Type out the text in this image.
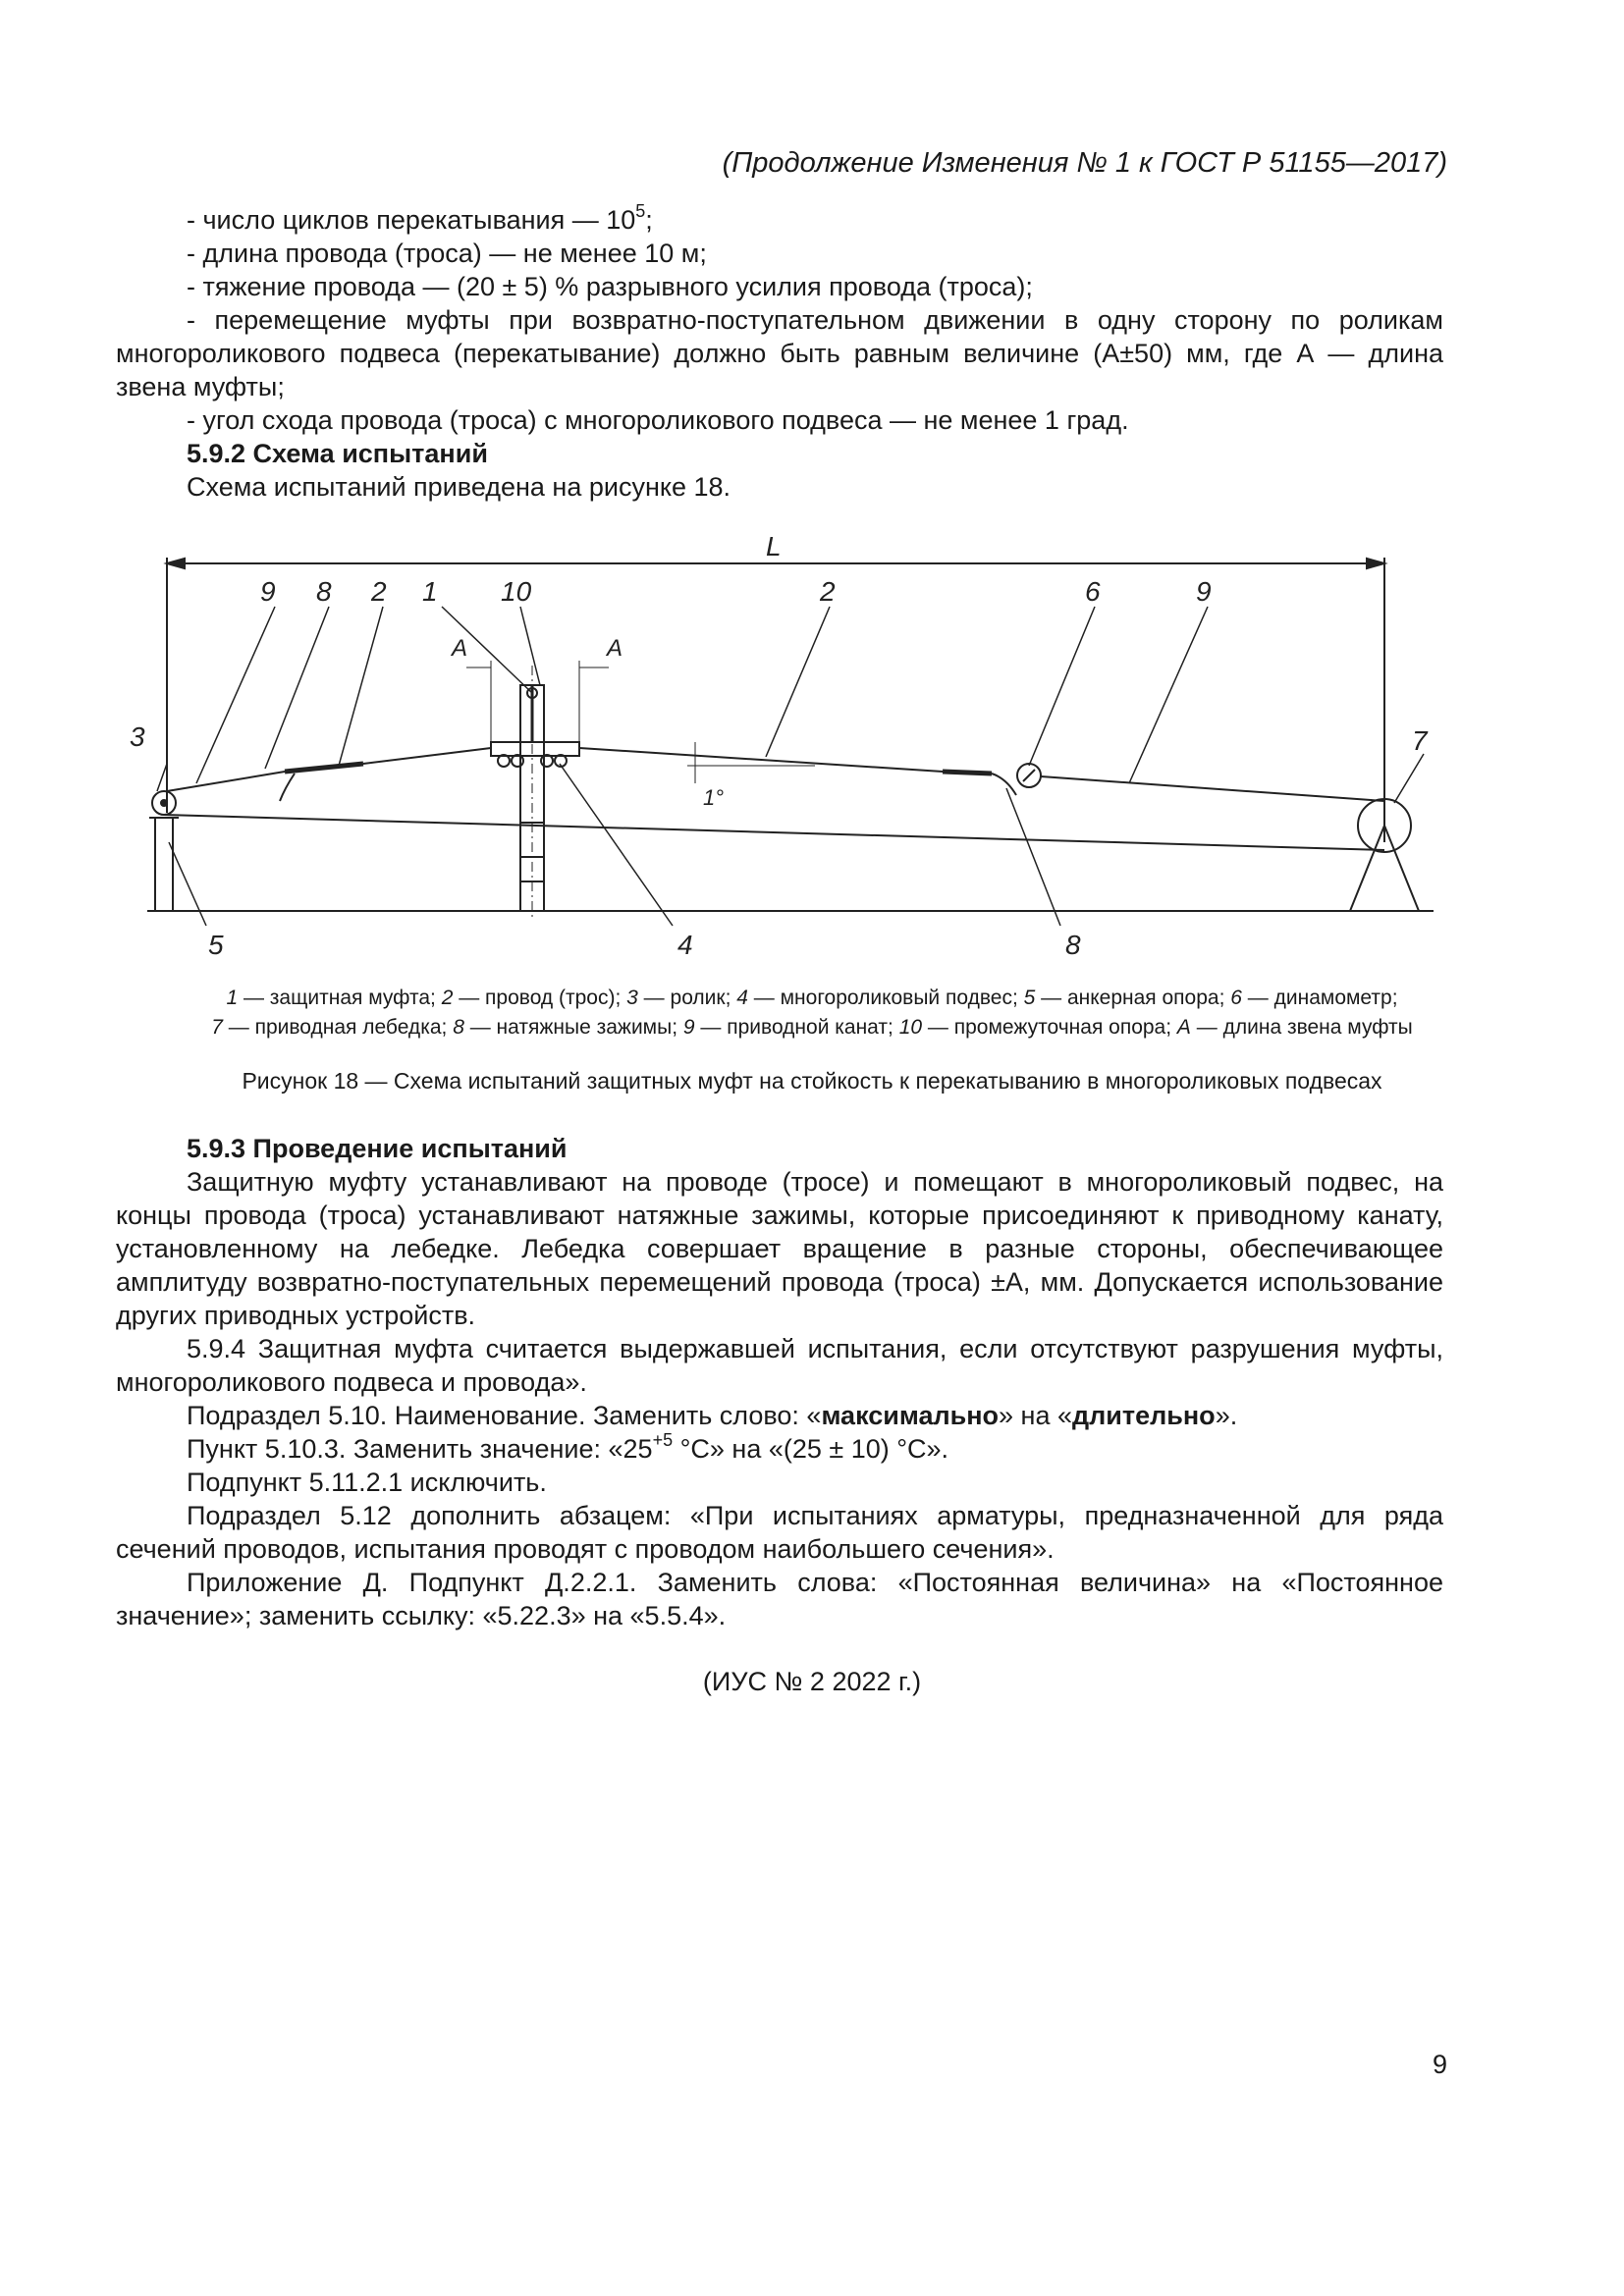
(Продолжение Изменения № 1 к ГОСТ Р 51155—2017)

- число циклов перекатывания — $10^5$;

- длина провода (троса) — не менее 10 м;

- тяжение провода — (20 ± 5) % разрывного усилия провода (троса);

- перемещение муфты при возвратно-поступательном движении в одну сторону по роликам многороликового подвеса (перекатывание) должно быть равным величине (А±50) мм, где А — длина звена муфты;

- угол схода провода (троса) с многороликового подвеса — не менее 1 град.

5.9.2 Схема испытаний

Схема испытаний приведена на рисунке 18.

L
9 8 2 1 10	2	6	9
7
3
5	4	8
A	A
1°
1 — защитная муфта; 2 — провод (трос); 3 — ролик; 4 — многороликовый подвес; 5 — анкерная опора; 6 — динамометр;
7 — приводная лебедка; 8 — натяжные зажимы; 9 — приводной канат; 10 — промежуточная опора; A — длина звена муфты
Рисунок 18 — Схема испытаний защитных муфт на стойкость к перекатыванию в многороликовых подвесах

5.9.3 Проведение испытаний

Защитную муфту устанавливают на проводе (тросе) и помещают в многороликовый подвес, на концы провода (троса) устанавливают натяжные зажимы, которые присоединяют к приводному канату, установленному на лебедке. Лебедка совершает вращение в разные стороны, обеспечивающее амплитуду возвратно-поступательных перемещений провода (троса) ±А, мм. Допускается использование других приводных устройств.

5.9.4 Защитная муфта считается выдержавшей испытания, если отсутствуют разрушения муфты, многороликового подвеса и провода».

Подраздел 5.10. Наименование. Заменить слово: «максимально» на «длительно».

Пункт 5.10.3. Заменить значение: «$25^{+5}$ °С» на «(25 ± 10) °С».

Подпункт 5.11.2.1 исключить.

Подраздел 5.12 дополнить абзацем: «При испытаниях арматуры, предназначенной для ряда сечений проводов, испытания проводят с проводом наибольшего сечения».

Приложение Д. Подпункт Д.2.2.1. Заменить слова: «Постоянная величина» на «Постоянное значение»; заменить ссылку: «5.22.3» на «5.5.4».

(ИУС № 2 2022 г.)
9
